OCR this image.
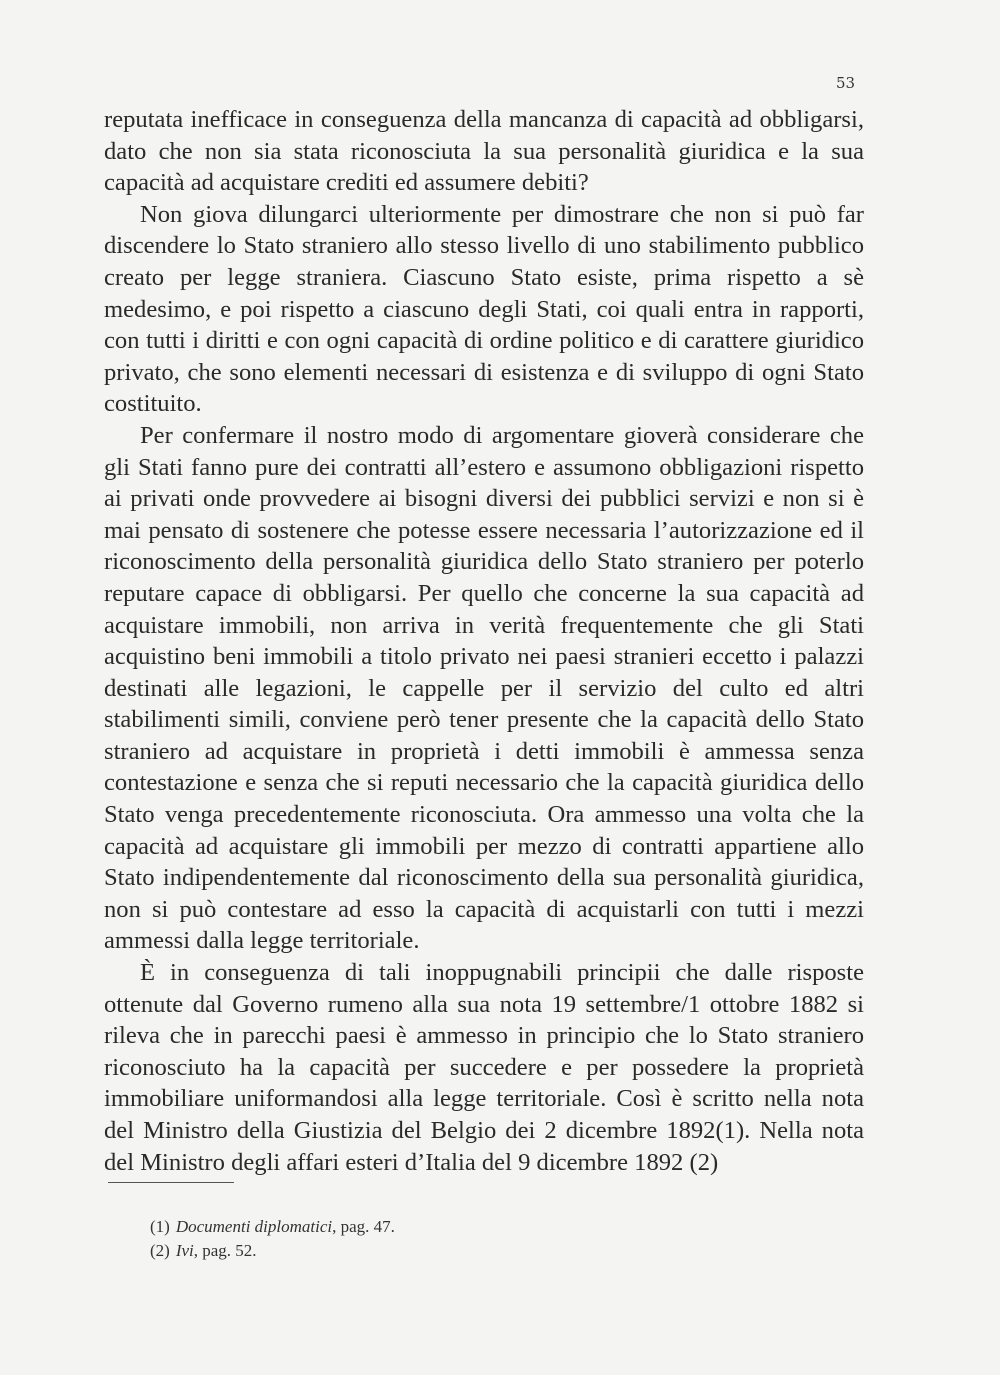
53

reputata inefficace in conseguenza della mancanza di capacità ad obbligarsi, dato che non sia stata riconosciuta la sua personalità giuridica e la sua capacità ad acquistare crediti ed assumere debiti?

Non giova dilungarci ulteriormente per dimostrare che non si può far discendere lo Stato straniero allo stesso livello di uno stabilimento pubblico creato per legge straniera. Ciascuno Stato esiste, prima rispetto a sè medesimo, e poi rispetto a ciascuno degli Stati, coi quali entra in rapporti, con tutti i diritti e con ogni capacità di ordine politico e di carattere giuridico privato, che sono elementi necessari di esistenza e di sviluppo di ogni Stato costituito.

Per confermare il nostro modo di argomentare gioverà considerare che gli Stati fanno pure dei contratti all’estero e assumono obbligazioni rispetto ai privati onde provvedere ai bisogni diversi dei pubblici servizi e non si è mai pensato di sostenere che potesse essere necessaria l’autorizzazione ed il riconoscimento della personalità giuridica dello Stato straniero per poterlo reputare capace di obbligarsi. Per quello che concerne la sua capacità ad acquistare immobili, non arriva in verità frequentemente che gli Stati acquistino beni immobili a titolo privato nei paesi stranieri eccetto i palazzi destinati alle legazioni, le cappelle per il servizio del culto ed altri stabilimenti simili, conviene però tener presente che la capacità dello Stato straniero ad acquistare in proprietà i detti immobili è ammessa senza contestazione e senza che si reputi necessario che la capacità giuridica dello Stato venga precedentemente riconosciuta. Ora ammesso una volta che la capacità ad acquistare gli immobili per mezzo di contratti appartiene allo Stato indipendentemente dal riconoscimento della sua personalità giuridica, non si può contestare ad esso la capacità di acquistarli con tutti i mezzi ammessi dalla legge territoriale.

È in conseguenza di tali inoppugnabili principii che dalle risposte ottenute dal Governo rumeno alla sua nota 19 settembre/1 ottobre 1882 si rileva che in parecchi paesi è ammesso in principio che lo Stato straniero riconosciuto ha la capacità per succedere e per possedere la proprietà immobiliare uniformandosi alla legge territoriale. Così è scritto nella nota del Ministro della Giustizia del Belgio dei 2 dicembre 1892(1). Nella nota del Ministro degli affari esteri d’Italia del 9 dicembre 1892 (2)

(1) Documenti diplomatici, pag. 47.
(2) Ivi, pag. 52.
